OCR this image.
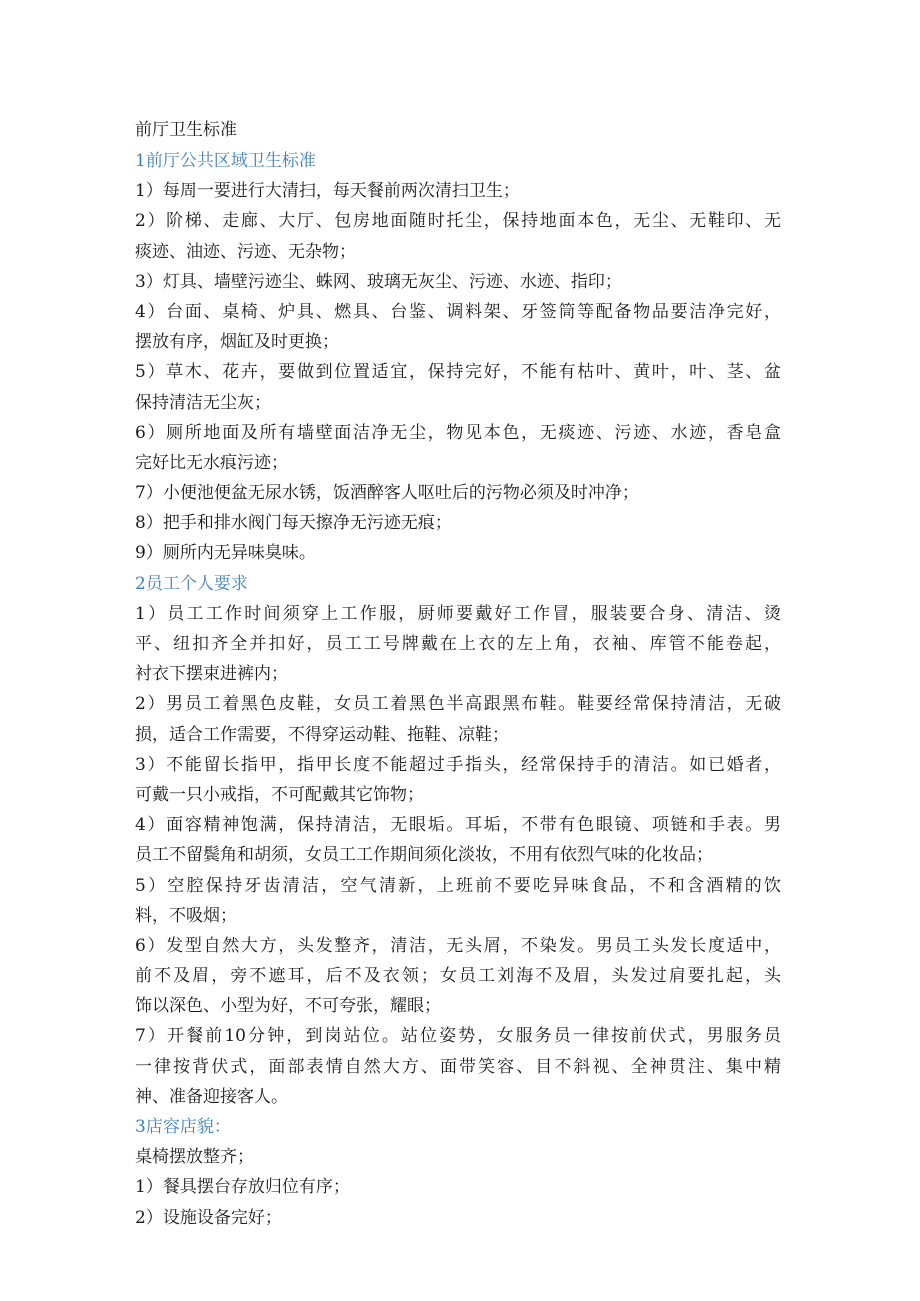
前厅卫生标准
1前厅公共区域卫生标准
1）每周一要进行大清扫，每天餐前两次清扫卫生；
2）阶梯、走廊、大厅、包房地面随时托尘，保持地面本色，无尘、无鞋印、无
痰迹、油迹、污迹、无杂物；
3）灯具、墙壁污迹尘、蛛网、玻璃无灰尘、污迹、水迹、指印；
4）台面、桌椅、炉具、燃具、台鉴、调料架、牙签筒等配备物品要洁净完好，
摆放有序，烟缸及时更换；
5）草木、花卉，要做到位置适宜，保持完好，不能有枯叶、黄叶，叶、茎、盆
保持清洁无尘灰；
6）厕所地面及所有墙壁面洁净无尘，物见本色，无痰迹、污迹、水迹，香皂盒
完好比无水痕污迹；
7）小便池便盆无尿水锈，饭酒醉客人呕吐后的污物必须及时冲净；
8）把手和排水阀门每天擦净无污迹无痕；
9）厕所内无异味臭味。
2员工个人要求
1）员工工作时间须穿上工作服，厨师要戴好工作冒，服装要合身、清洁、烫
平、纽扣齐全并扣好，员工工号牌戴在上衣的左上角，衣袖、库管不能卷起，
衬衣下摆束进裤内；
2）男员工着黑色皮鞋，女员工着黑色半高跟黑布鞋。鞋要经常保持清洁，无破
损，适合工作需要，不得穿运动鞋、拖鞋、凉鞋；
3）不能留长指甲，指甲长度不能超过手指头，经常保持手的清洁。如已婚者，
可戴一只小戒指，不可配戴其它饰物；
4）面容精神饱满，保持清洁，无眼垢。耳垢，不带有色眼镜、项链和手表。男
员工不留鬓角和胡须，女员工工作期间须化淡妆，不用有依烈气味的化妆品；
5）空腔保持牙齿清洁，空气清新，上班前不要吃异味食品，不和含酒精的饮
料，不吸烟；
6）发型自然大方，头发整齐，清洁，无头屑，不染发。男员工头发长度适中，
前不及眉，旁不遮耳，后不及衣领；女员工刘海不及眉，头发过肩要扎起，头
饰以深色、小型为好，不可夸张，耀眼；
7）开餐前10分钟，到岗站位。站位姿势，女服务员一律按前伏式，男服务员
一律按背伏式，面部表情自然大方、面带笑容、目不斜视、全神贯注、集中精
神、准备迎接客人。
3店容店貌：
桌椅摆放整齐；
1）餐具摆台存放归位有序；
2）设施设备完好；
